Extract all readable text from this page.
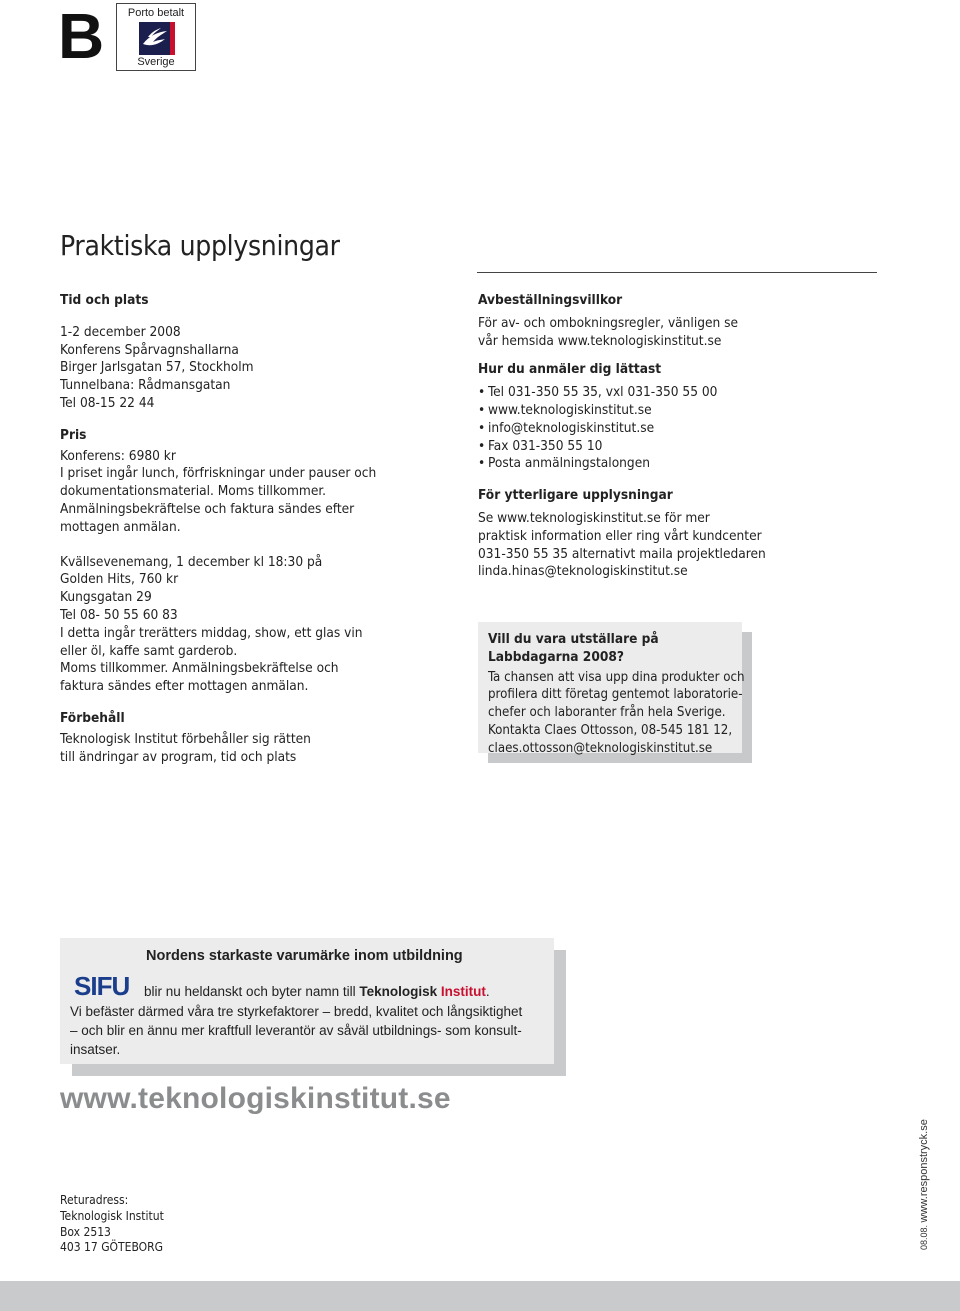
B	Porto betalt
Sverige
Praktiska upplysningar
Tid och plats
1-2 december 2008
Konferens Spårvagnshallarna
Birger Jarlsgatan 57, Stockholm
Tunnelbana: Rådmansgatan
Tel 08-15 22 44
Pris
Konferens: 6980 kr
I priset ingår lunch, förfriskningar under pauser och
dokumentationsmaterial. Moms tillkommer.
Anmälningsbekräftelse och faktura sändes efter
mottagen anmälan.
Kvällsevenemang, 1 december kl 18:30 på
Golden Hits, 760 kr
Kungsgatan 29
Tel 08- 50 55 60 83
I detta ingår trerätters middag, show, ett glas vin
eller öl, kaffe samt garderob.
Moms tillkommer. Anmälningsbekräftelse och
faktura sändes efter mottagen anmälan.
Förbehåll
Teknologisk Institut förbehåller sig rätten
till ändringar av program, tid och plats
Avbeställningsvillkor
För av- och ombokningsregler, vänligen se
vår hemsida www.teknologiskinstitut.se
Hur du anmäler dig lättast
• Tel 031-350 55 35, vxl 031-350 55 00
• www.teknologiskinstitut.se
• info@teknologiskinstitut.se
• Fax 031-350 55 10
• Posta anmälningstalongen
För ytterligare upplysningar
Se www.teknologiskinstitut.se för mer
praktisk information eller ring vårt kundcenter
031-350 55 35 alternativt maila projektledaren
linda.hinas@teknologiskinstitut.se
Vill du vara utställare på Labbdagarna 2008?
Ta chansen att visa upp dina produkter och
profilera ditt företag gentemot laboratorie-
chefer och laboranter från hela Sverige.
Kontakta Claes Ottosson, 08-545 181 12,
claes.ottosson@teknologiskinstitut.se
Nordens starkaste varumärke inom utbildning
SIFU blir nu heldanskt och byter namn till Teknologisk Institut.
Vi befäster därmed våra tre styrkefaktorer – bredd, kvalitet och långsiktighet
– och blir en ännu mer kraftfull leverantör av såväl utbildnings- som konsult-
insatser.
www.teknologiskinstitut.se
Returadress:
Teknologisk Institut
Box 2513
403 17 GÖTEBORG	08.08. www.responstryck.se
